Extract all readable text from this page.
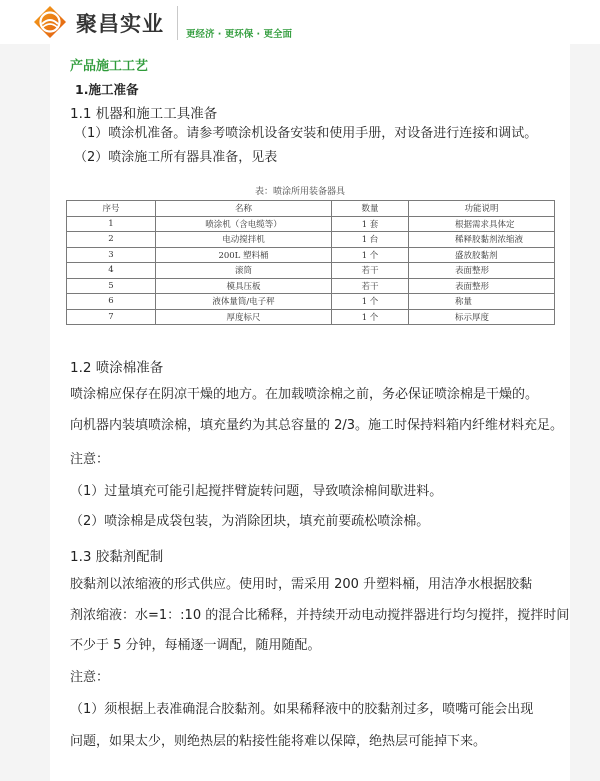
聚昌实业 更经济 · 更环保 · 更全面
产品施工工艺
1.施工准备
1.1 机器和施工工具准备
（1）喷涂机准备。请参考喷涂机设备安装和使用手册，对设备进行连接和调试。
（2）喷涂施工所有器具准备，见表
表：喷涂所用装备器具
序号	名称	数量	功能说明
1	喷涂机（含电缆等）	1 套	根据需求具体定
2	电动搅拌机	1 台	稀释胶黏剂浓缩液
3	200L 塑料桶	1 个	盛放胶黏剂
4	滚筒	若干	表面整形
5	模具压板	若干	表面整形
6	液体量筒/电子秤	1 个	称量
7	厚度标尺	1 个	标示厚度
1.2 喷涂棉准备
喷涂棉应保存在阴凉干燥的地方。在加载喷涂棉之前，务必保证喷涂棉是干燥的。
向机器内装填喷涂棉，填充量约为其总容量的 2/3。施工时保持料箱内纤维材料充足。
注意：
（1）过量填充可能引起搅拌臂旋转问题，导致喷涂棉间歇进料。
（2）喷涂棉是成袋包装，为消除团块，填充前要疏松喷涂棉。
1.3 胶黏剂配制
胶黏剂以浓缩液的形式供应。使用时，需采用 200 升塑料桶，用洁净水根据胶黏
剂浓缩液：水=1：:10 的混合比稀释，并持续开动电动搅拌器进行均匀搅拌，搅拌时间
不少于 5 分钟，每桶逐一调配，随用随配。
注意：
（1）须根据上表准确混合胶黏剂。如果稀释液中的胶黏剂过多，喷嘴可能会出现
问题，如果太少，则绝热层的粘接性能将难以保障，绝热层可能掉下来。
